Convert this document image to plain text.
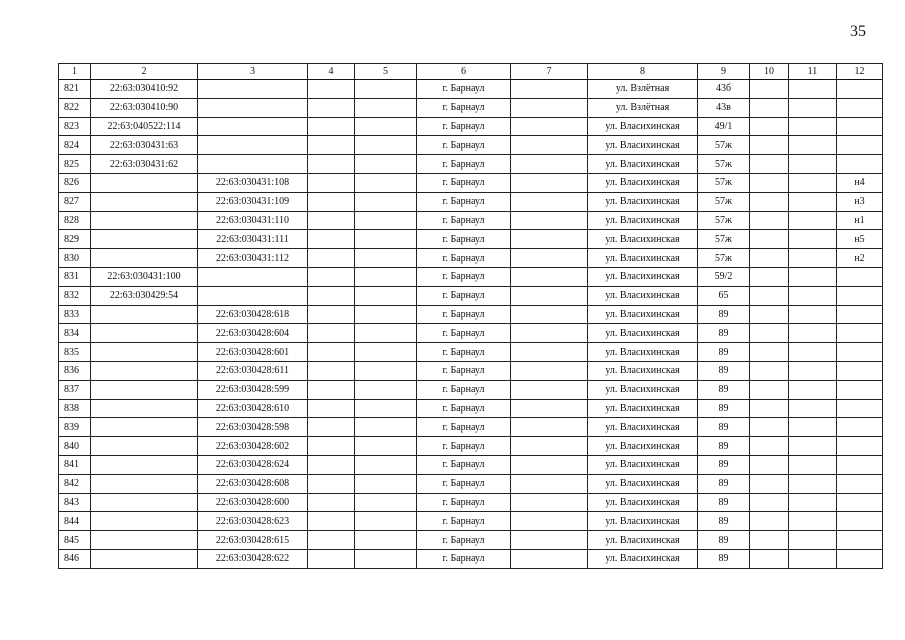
35
1	2	3	4	5	6	7	8	9	10	11	12
821	22:63:030410:92				г. Барнаул		ул. Взлётная	43б			
822	22:63:030410:90				г. Барнаул		ул. Взлётная	43в			
823	22:63:040522:114				г. Барнаул		ул. Власихинская	49/1			
824	22:63:030431:63				г. Барнаул		ул. Власихинская	57ж			
825	22:63:030431:62				г. Барнаул		ул. Власихинская	57ж			
826		22:63:030431:108			г. Барнаул		ул. Власихинская	57ж			н4
827		22:63:030431:109			г. Барнаул		ул. Власихинская	57ж			н3
828		22:63:030431:110			г. Барнаул		ул. Власихинская	57ж			н1
829		22:63:030431:111			г. Барнаул		ул. Власихинская	57ж			н5
830		22:63:030431:112			г. Барнаул		ул. Власихинская	57ж			н2
831	22:63:030431:100				г. Барнаул		ул. Власихинская	59/2			
832	22:63:030429:54				г. Барнаул		ул. Власихинская	65			
833		22:63:030428:618			г. Барнаул		ул. Власихинская	89			
834		22:63:030428:604			г. Барнаул		ул. Власихинская	89			
835		22:63:030428:601			г. Барнаул		ул. Власихинская	89			
836		22:63:030428:611			г. Барнаул		ул. Власихинская	89			
837		22:63:030428:599			г. Барнаул		ул. Власихинская	89			
838		22:63:030428:610			г. Барнаул		ул. Власихинская	89			
839		22:63:030428:598			г. Барнаул		ул. Власихинская	89			
840		22:63:030428:602			г. Барнаул		ул. Власихинская	89			
841		22:63:030428:624			г. Барнаул		ул. Власихинская	89			
842		22:63:030428:608			г. Барнаул		ул. Власихинская	89			
843		22:63:030428:600			г. Барнаул		ул. Власихинская	89			
844		22:63:030428:623			г. Барнаул		ул. Власихинская	89			
845		22:63:030428:615			г. Барнаул		ул. Власихинская	89			
846		22:63:030428:622			г. Барнаул		ул. Власихинская	89			
